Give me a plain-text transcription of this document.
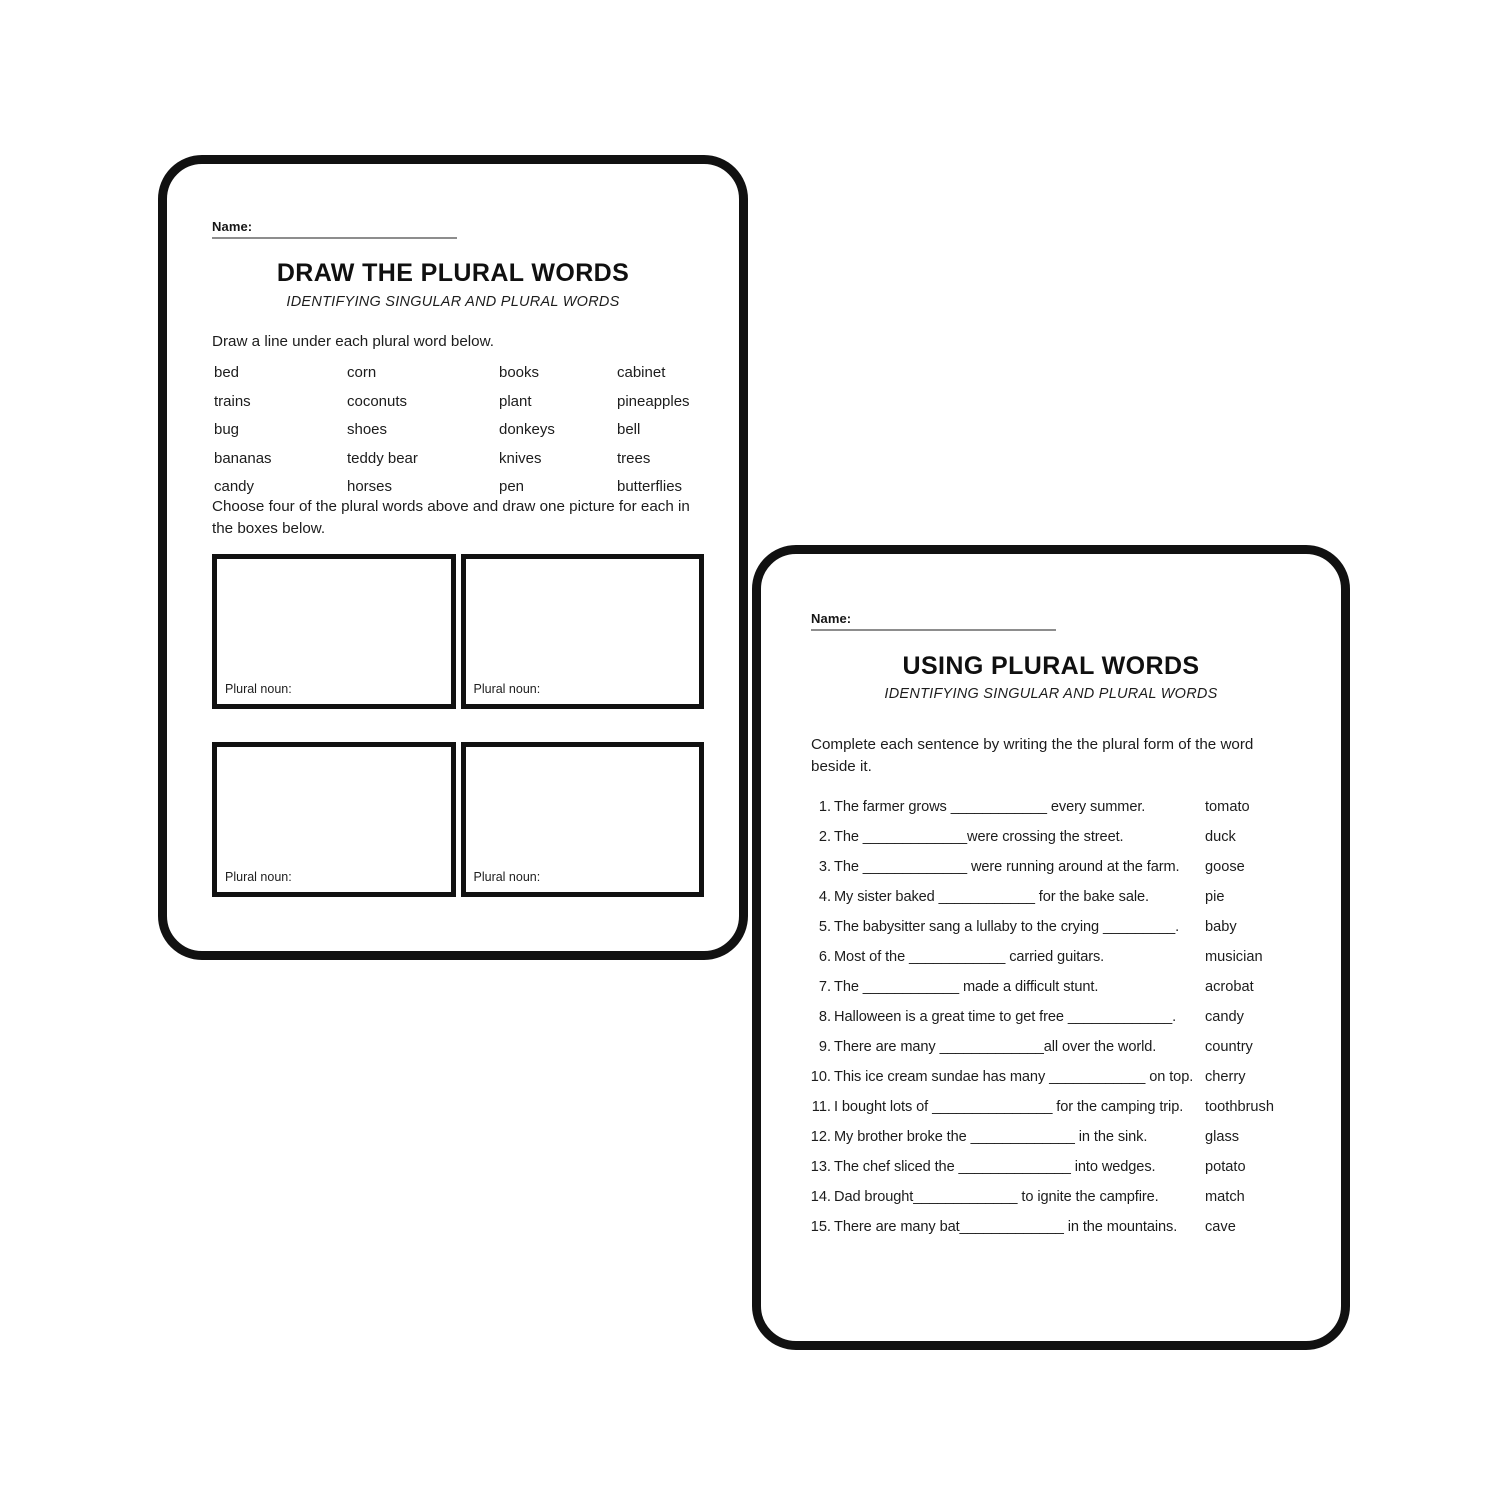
Name:
DRAW THE PLURAL WORDS
IDENTIFYING SINGULAR AND PLURAL WORDS
Draw a line under each plural word below.
bed	corn	books	cabinet
trains	coconuts	plant	pineapples
bug	shoes	donkeys	bell
bananas	teddy bear	knives	trees
candy	horses	pen	butterflies
Choose four of the plural words above and draw one picture for each in the boxes below.
Plural noun:	Plural noun:
Plural noun:	Plural noun:
Name:
USING PLURAL WORDS
IDENTIFYING SINGULAR AND PLURAL WORDS
Complete each sentence by writing the the plural form of the word beside it.
1. The farmer grows ____________ every summer.	tomato
2. The _____________were crossing the street.	duck
3. The _____________ were running around at the farm.	goose
4. My sister baked ____________ for the bake sale.	pie
5. The babysitter sang a lullaby to the crying _________.	baby
6. Most of the ____________ carried guitars.	musician
7. The ____________ made a difficult stunt.	acrobat
8. Halloween is a great time to get free _____________.	candy
9. There are many _____________all over the world.	country
10. This ice cream sundae has many ____________ on top. cherry
11. I bought lots of _______________ for the camping trip.	toothbrush
12. My brother broke the _____________ in the sink.	glass
13. The chef sliced the ______________ into wedges.	potato
14. Dad brought_____________ to ignite the campfire.	match
15. There are many bat_____________ in the mountains.	cave
